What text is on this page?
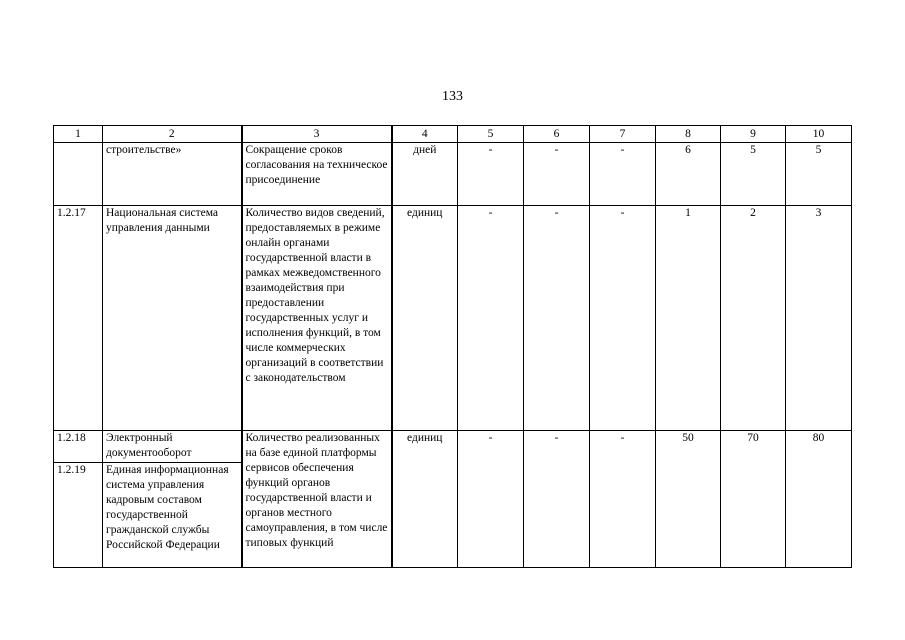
133
1	2	3	4	5	6	7	8	9	10
	строительстве»	Сокращение сроков согласования на техническое присоединение	дней	-	-	-	6	5	5
1.2.17	Национальная система управления данными	Количество видов сведений, предоставляемых в режиме онлайн органами государственной власти в рамках межведомственного взаимодействия при предоставлении государственных услуг и исполнения функций, в том числе коммерческих организаций в соответствии с законодательством	единиц	-	-	-	1	2	3
1.2.18	Электронный документооборот	Количество реализованных на базе единой платформы сервисов обеспечения функций органов государственной власти и органов местного самоуправления, в том числе типовых функций	единиц	-	-	-	50	70	80
1.2.19	Единая информационная система управления кадровым составом государственной гражданской службы Российской Федерации								
